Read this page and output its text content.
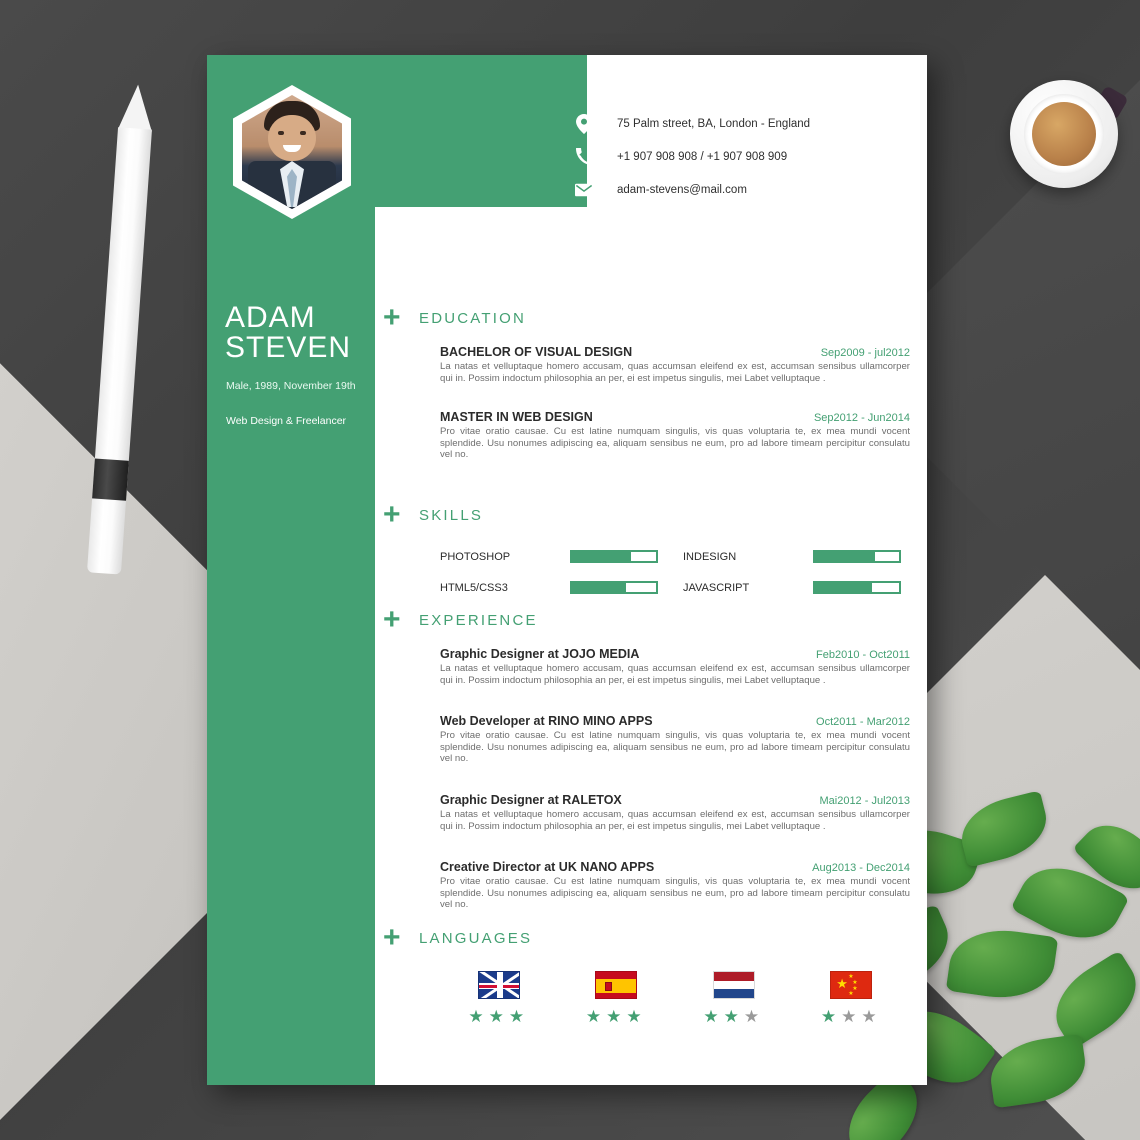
ADAM
STEVEN
Male, 1989, November 19th
Web Design & Freelancer
75 Palm street, BA, London - England
+1 907 908 908 / +1 907 908 909
adam-stevens@mail.com
+	EDUCATION
BACHELOR OF VISUAL DESIGN	Sep2009 - jul2012
La natas et velluptaque homero accusam, quas accumsan eleifend ex est, accumsan sensibus ullamcorper qui in. Possim indoctum philosophia an per, ei est impetus singulis, mei Labet velluptaque .
MASTER IN WEB DESIGN	Sep2012 - Jun2014
Pro vitae oratio causae. Cu est latine numquam singulis, vis quas voluptaria te, ex mea mundi vocent splendide. Usu nonumes adipiscing ea, aliquam sensibus ne eum, pro ad labore timeam percipitur consulatu vel no.
+	SKILLS
PHOTOSHOP	INDESIGN
HTML5/CSS3	JAVASCRIPT
+	EXPERIENCE
Graphic Designer at JOJO MEDIA	Feb2010 - Oct2011
La natas et velluptaque homero accusam, quas accumsan eleifend ex est, accumsan sensibus ullamcorper qui in. Possim indoctum philosophia an per, ei est impetus singulis, mei Labet velluptaque .
Web Developer at RINO MINO APPS	Oct2011 - Mar2012
Pro vitae oratio causae. Cu est latine numquam singulis, vis quas voluptaria te, ex mea mundi vocent splendide. Usu nonumes adipiscing ea, aliquam sensibus ne eum, pro ad labore timeam percipitur consulatu vel no.
Graphic Designer at RALETOX	Mai2012 - Jul2013
La natas et velluptaque homero accusam, quas accumsan eleifend ex est, accumsan sensibus ullamcorper qui in. Possim indoctum philosophia an per, ei est impetus singulis, mei Labet velluptaque .
Creative Director at UK NANO APPS	Aug2013 - Dec2014
Pro vitae oratio causae. Cu est latine numquam singulis, vis quas voluptaria te, ex mea mundi vocent splendide. Usu nonumes adipiscing ea, aliquam sensibus ne eum, pro ad labore timeam percipitur consulatu vel no.
+	LANGUAGES
★★★	★★★	★★★
★ ★
★
★
★
★★★
